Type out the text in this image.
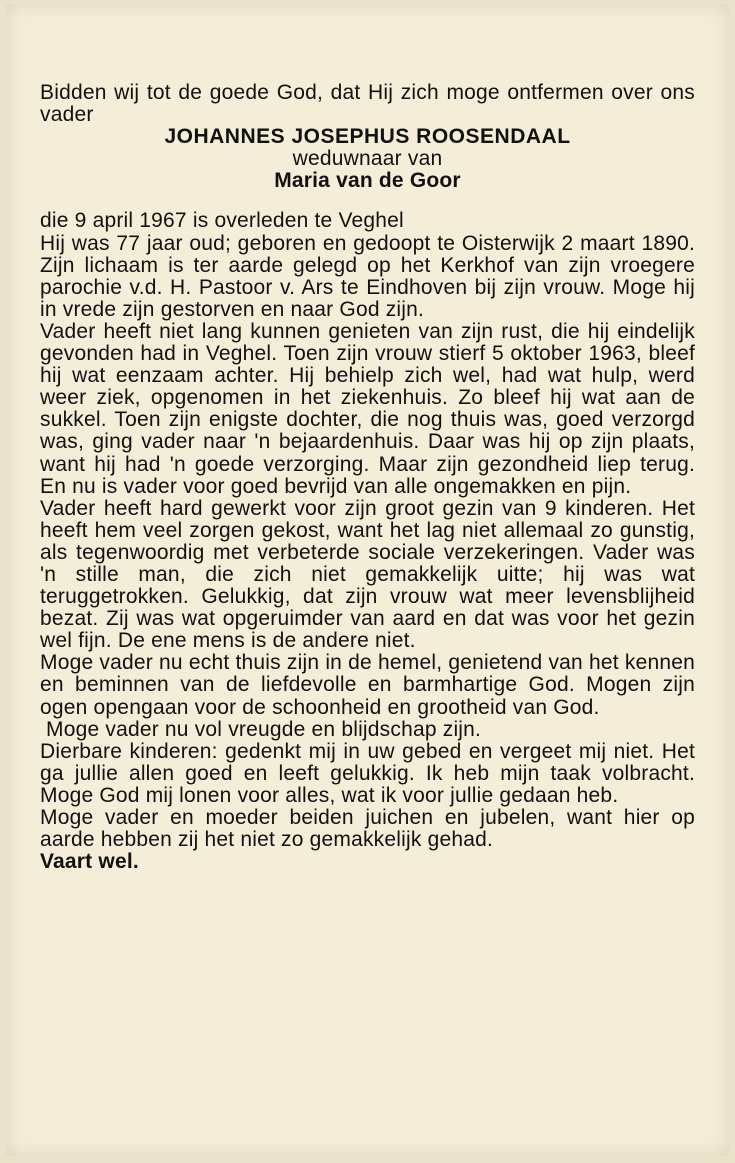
Bidden wij tot de goede God, dat Hij zich moge ontfermen over ons vader

JOHANNES JOSEPHUS ROOSENDAAL

weduwnaar van

Maria van de Goor

die 9 april 1967 is overleden te Veghel

Hij was 77 jaar oud; geboren en gedoopt te Oisterwijk 2 maart 1890. Zijn lichaam is ter aarde gelegd op het Kerkhof van zijn vroegere parochie v.d. H. Pastoor v. Ars te Eindhoven bij zijn vrouw. Moge hij in vrede zijn gestorven en naar God zijn.

Vader heeft niet lang kunnen genieten van zijn rust, die hij eindelijk gevonden had in Veghel. Toen zijn vrouw stierf 5 oktober 1963, bleef hij wat eenzaam achter. Hij behielp zich wel, had wat hulp, werd weer ziek, opgenomen in het ziekenhuis. Zo bleef hij wat aan de sukkel. Toen zijn enigste dochter, die nog thuis was, goed verzorgd was, ging vader naar 'n bejaardenhuis. Daar was hij op zijn plaats, want hij had 'n goede verzorging. Maar zijn gezondheid liep terug. En nu is vader voor goed bevrijd van alle ongemakken en pijn.

Vader heeft hard gewerkt voor zijn groot gezin van 9 kinderen. Het heeft hem veel zorgen gekost, want het lag niet allemaal zo gunstig, als tegenwoordig met verbeterde sociale verzekeringen. Vader was 'n stille man, die zich niet gemakkelijk uitte; hij was wat teruggetrokken. Gelukkig, dat zijn vrouw wat meer levensblijheid bezat. Zij was wat opgeruimder van aard en dat was voor het gezin wel fijn. De ene mens is de andere niet.

Moge vader nu echt thuis zijn in de hemel, genietend van het kennen en beminnen van de liefdevolle en barmhartige God. Mogen zijn ogen opengaan voor de schoonheid en grootheid van God.

Moge vader nu vol vreugde en blijdschap zijn.

Dierbare kinderen: gedenkt mij in uw gebed en vergeet mij niet. Het ga jullie allen goed en leeft gelukkig. Ik heb mijn taak volbracht. Moge God mij lonen voor alles, wat ik voor jullie gedaan heb.

Moge vader en moeder beiden juichen en jubelen, want hier op aarde hebben zij het niet zo gemakkelijk gehad.

Vaart wel.
